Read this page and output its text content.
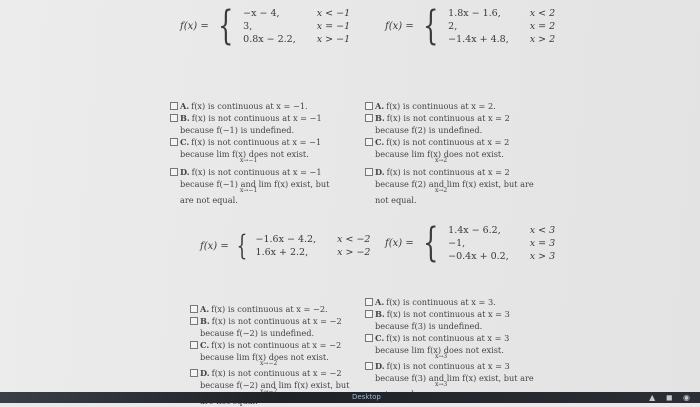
f(x) = { −x − 4,	x < −1
3,	x = −1
0.8x − 2.2,	x > −1
f(x) = { 1.8x − 1.6,	x < 2
2,	x = 2
−1.4x + 4.8,	x > 2
A. f(x) is continuous at x = −1.
B. f(x) is not continuous at x = −1
because f(−1) is undefined.
C. f(x) is not continuous at x = −1
because lim f(x) does not exist.
x→−1
D. f(x) is not continuous at x = −1
because f(−1) and lim f(x) exist, but
x→−1
are not equal.
A. f(x) is continuous at x = 2.
B. f(x) is not continuous at x = 2
because f(2) is undefined.
C. f(x) is not continuous at x = 2
because lim f(x) does not exist.
x→2
D. f(x) is not continuous at x = 2
because f(2) and lim f(x) exist, but are
x→2
not equal.
f(x) = { −1.6x − 4.2,	x < −2
1.6x + 2.2,	x > −2
f(x) = { 1.4x − 6.2,	x < 3
−1,	x = 3
−0.4x + 0.2,	x > 3
A. f(x) is continuous at x = −2.
B. f(x) is not continuous at x = −2
because f(−2) is undefined.
C. f(x) is not continuous at x = −2
because lim f(x) does not exist.
x→−2
D. f(x) is not continuous at x = −2
because f(−2) and lim f(x) exist, but
A. f(x) is continuous at x = 3.
B. f(x) is not continuous at x = 3
because f(3) is undefined.
C. f(x) is not continuous at x = 3
because lim f(x) does not exist.
x→3
D. f(x) is not continuous at x = 3
because f(3) and lim f(x) exist, but are
x→3
Desktop	▲ ◼ ◉
